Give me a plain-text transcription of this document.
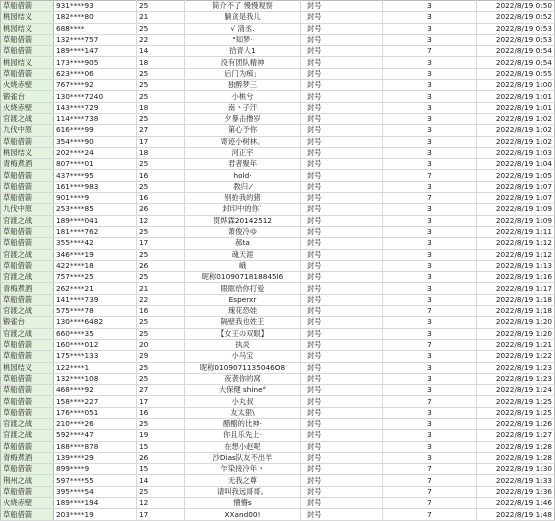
草船借箭	931****93	25	简介不了 慢慢观察	封号	3	2022/8/19 0:50
桃园结义	182****80	21	躺贪是我儿	封号	3	2022/8/19 0:52
桃园结义	688****	25	√ 清丞.	封号	3	2022/8/19 0:53
草船借箭	132****757	22	"知梦·	封号	3	2022/8/19 0:53
草船借箭	189****147	14	拾青人1	封号	7	2022/8/19 0:54
桃园结义	173****905	18	没有团队精神	封号	3	2022/8/19 0:54
草船借箭	623****06	25	后门为痴」	封号	3	2022/8/19 0:55
火烧赤壁	767****92	25	独醉梦三	封号	3	2022/8/19 1:00
锻雀台	130****7240	25	小桃兮	封号	3	2022/8/19 1:01
火烧赤壁	143****729	18	南丶子汗	封号	3	2022/8/19 1:01
官渡之战	114****738	25	夕暴击撸岁	封号	3	2022/8/19 1:02
九伐中原	616****99	27	第心予你	封号	3	2022/8/19 1:02
草船借箭	354****90	17	寄迹小树林。	封号	3	2022/8/19 1:02
桃园结义	202****24	18	河正宇	封号	3	2022/8/19 1:03
青梅煮酒	807****01	25	君者聚年	封号	3	2022/8/19 1:04
草船借箭	437****95	16	hold·	封号	7	2022/8/19 1:05
草船借箭	161****983	25	教归.⁄	封号	3	2022/8/19 1:07
草船借箭	901****9	16	别抢我的猪	封号	7	2022/8/19 1:07
九伐中原	253****85	26	封印中的你`	封号	3	2022/8/19 1:09
官渡之战	189****041	12	贯烨霖20142512	封号	3	2022/8/19 1:09
草船借箭	181****762	25	萧俊冷ゆ	封号	3	2022/8/19 1:11
草船借箭	355****42	17	郝ta	封号	3	2022/8/19 1:12
官渡之战	346****19	25	魂天涯	封号	3	2022/8/19 1:12
草船借箭	422****18	26	峨	封号	3	2022/8/19 1:13
官渡之战	757****25	25	昵称0109071818845l6	封号	3	2022/8/19 1:16
青梅煮酒	262****21	21	眼眶给你打爱	封号	3	2022/8/19 1:17
草船借箭	141****739	22	Esperxr	封号	3	2022/8/19 1:18
官渡之战	575****78	16	瑰花恐娃	封号	7	2022/8/19 1:18
锻雀台	130****6482	25	隔壁我也姓王	封号	3	2022/8/19 1:20
官渡之战	660****35	25	【女王の双眼】	封号	3	2022/8/19 1:20
草船借箭	160****012	20	执炎	封号	7	2022/8/19 1:21
草船借箭	175****133	29	小马宝	封号	3	2022/8/19 1:22
桃园结义	122****1	25	昵称0109071135046O8	封号	3	2022/8/19 1:23
草船借箭	132****108	25	夜袭你的窝	封号	3	2022/8/19 1:23
草船借箭	468****92	27	大保健 shine°	封号	3	2022/8/19 1:24
草船借箭	158****227	17	小丸叔	封号	7	2022/8/19 1:25
草船借箭	176****051	16	友太狠\	封号	3	2022/8/19 1:25
官渡之战	210****26	25	醋醋的比神·	封号	3	2022/8/19 1:26
官渡之战	592****47	19	你且乐先上·	封号	3	2022/8/19 1:27
草船借箭	188****878	15	在想小赵呢	封号	3	2022/8/19 1:28
青梅煮酒	139****29	26	沙Dias队友不出羊	封号	3	2022/8/19 1:28
草船借箭	899****9	15	乍染接冷年丶	封号	7	2022/8/19 1:30
荆州之战	597****55	14	无我之尊	封号	7	2022/8/19 1:33
草船借箭	395****54	25	请叫我远哥哥。	封号	7	2022/8/19 1:36
火烧赤壁	189****194	12	懵懵s	封号	7	2022/8/19 1:46
草船借箭	203****19	17	XXand00!	封号	7	2022/8/19 1:48
